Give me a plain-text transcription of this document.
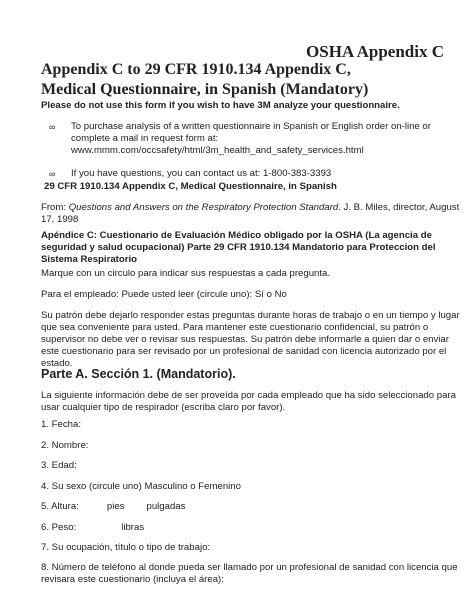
OSHA Appendix C
Appendix C to 29 CFR 1910.134 Appendix C,
Medical Questionnaire, in Spanish (Mandatory)
Please do not use this form if you wish to have 3M analyze your questionnaire.
∞	To purchase analysis of a written questionnaire in Spanish or English order on-line or
complete a mail in request form at:
www.mmm.com/occsafety/html/3m_health_and_safety_services.html
∞	If you have questions, you can contact us at: 1-800-383-3393
29 CFR 1910.134 Appendix C, Medical Questionnaire, in Spanish
From: Questions and Answers on the Respiratory Protection Standard. J. B. Miles, director, August
17, 1998
Apéndice C: Cuestionario de Evaluación Médico obligado por la OSHA (La agencia de
seguridad y salud ocupacional) Parte 29 CFR 1910.134 Mandatorio para Proteccion del
Sistema Respiratorio
Marque con un circulo para indicar sus respuestas a cada pregunta.
Para el empleado: Puede usted leer (circule uno): Sí o No
Su patrón debe dejarlo responder estas preguntas durante horas de trabajo o en un tiempo y lugar
que sea conveniente para usted. Para mantener este cuestionario confidencial, su patrón o
supervisor no debe ver o revisar sus respuestas. Su patrón debe informarle a quien dar o enviar
este cuestionario para ser revisado por un profesional de sanidad con licencia autorizado por el
estado.
Parte A. Sección 1. (Mandatorio).
La siguiente información debe de ser proveída por cada empleado que ha sido seleccionado para
usar cualquier tipo de respirador (escriba claro por favor).
1. Fecha:
2. Nombre:
3. Edad:
4. Su sexo (circule uno) Masculino o Femenino
5. Altura:	pies pulgadas
6. Peso:	libras
7. Su ocupación, título o tipo de trabajo:
8. Número de teléfono al donde pueda ser llamado por un profesional de sanidad con licencia que
revisara este cuestionario (incluya el área):
